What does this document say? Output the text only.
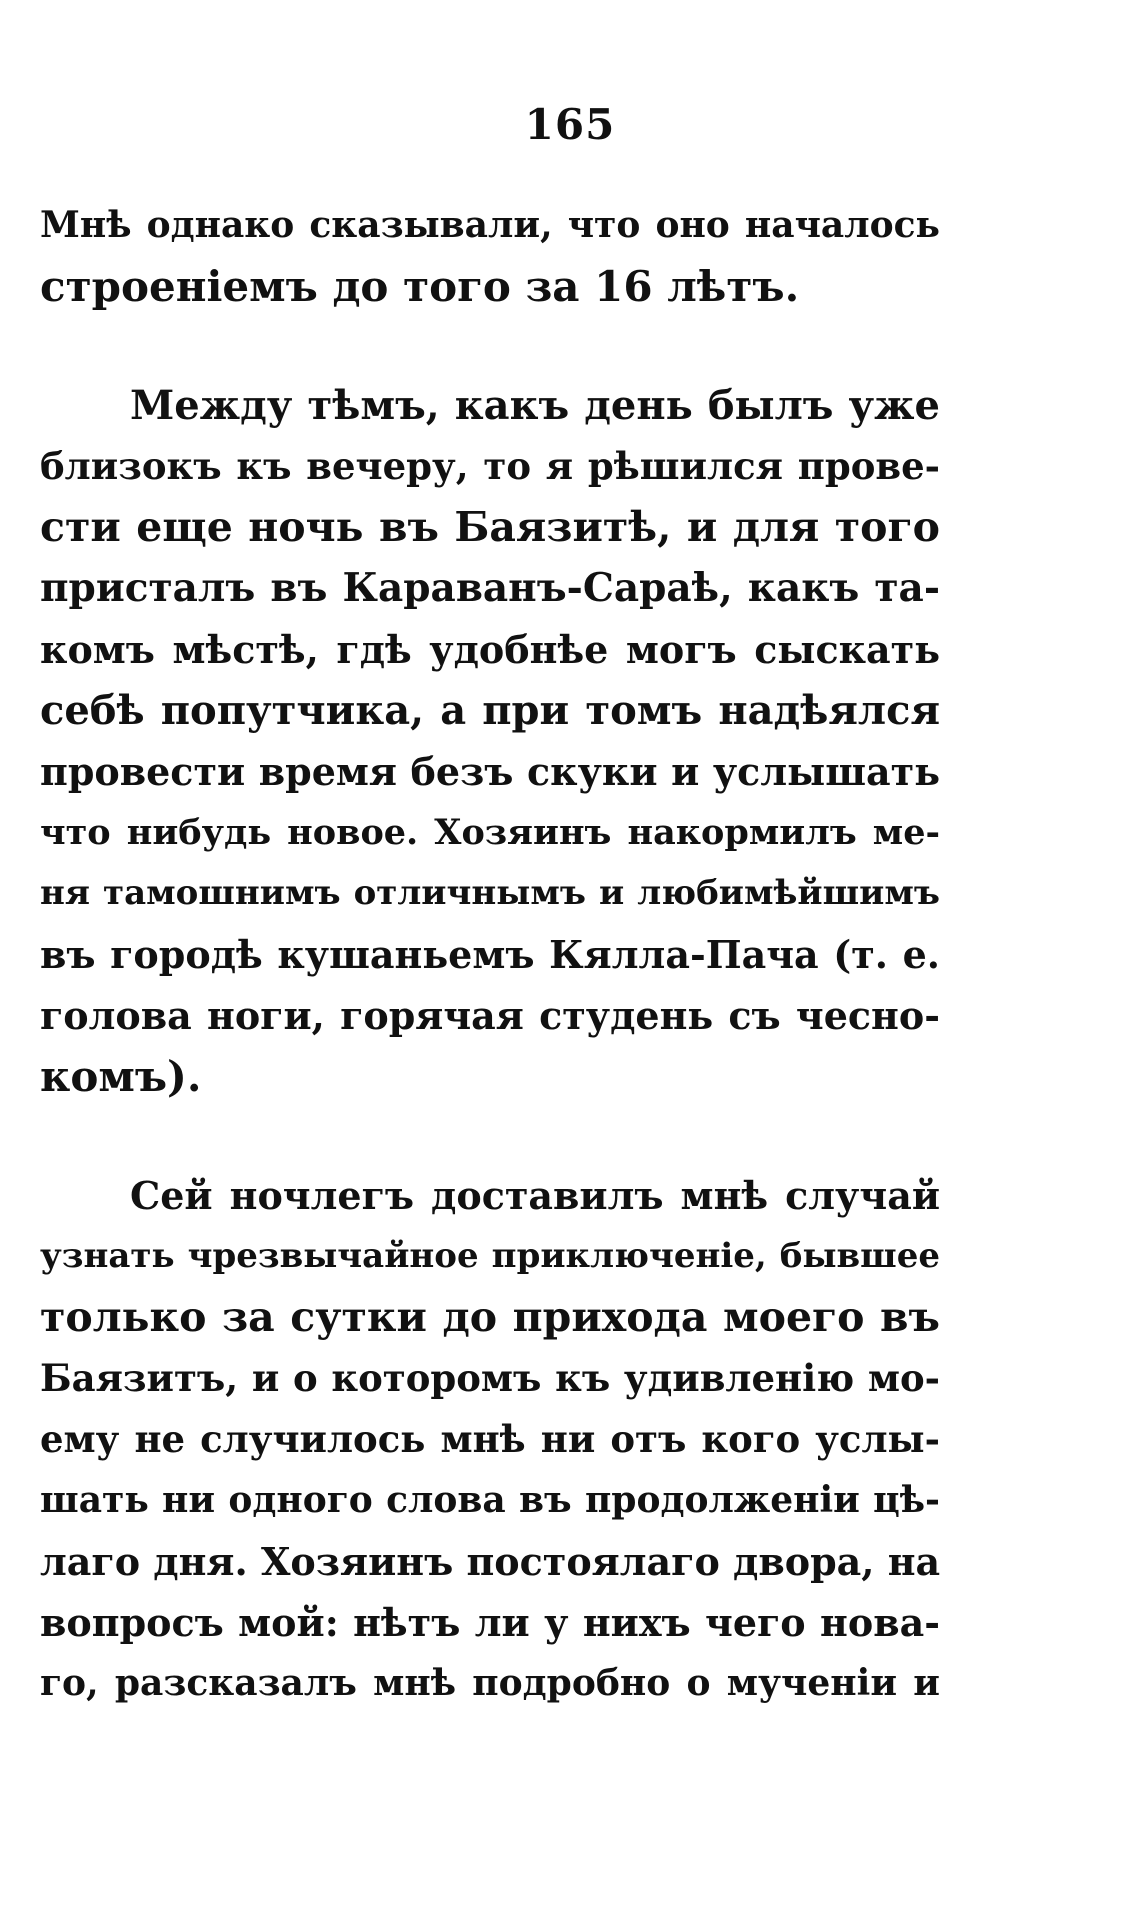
165
Мнѣ однако сказывали, что оно началось
строенiемъ до того за 16 лѣтъ.
Между тѣмъ, какъ день былъ уже
близокъ къ вечеру, то я рѣшился прове-
сти еще ночь въ Баязитѣ, и для того
присталъ въ Караванъ-Сараѣ, какъ та-
комъ мѣстѣ, гдѣ удобнѣе могъ сыскать
себѣ попутчика, а при томъ надѣялся
провести время безъ скуки и услышать
что нибудь новое. Хозяинъ накормилъ ме-
ня тамошнимъ отличнымъ и любимѣйшимъ
въ городѣ кушаньемъ Кялла-Пача (т. е.
голова ноги, горячая студень съ чесно-
комъ).
Сей ночлегъ доставилъ мнѣ случай
узнать чрезвычайное приключенiе, бывшее
только за сутки до прихода моего въ
Баязитъ, и о которомъ къ удивленiю мо-
ему не случилось мнѣ ни отъ кого услы-
шать ни одного слова въ продолженiи цѣ-
лаго дня. Хозяинъ постоялаго двора, на
вопросъ мой: нѣтъ ли у нихъ чего нова-
го, разсказалъ мнѣ подробно о мученiи и
